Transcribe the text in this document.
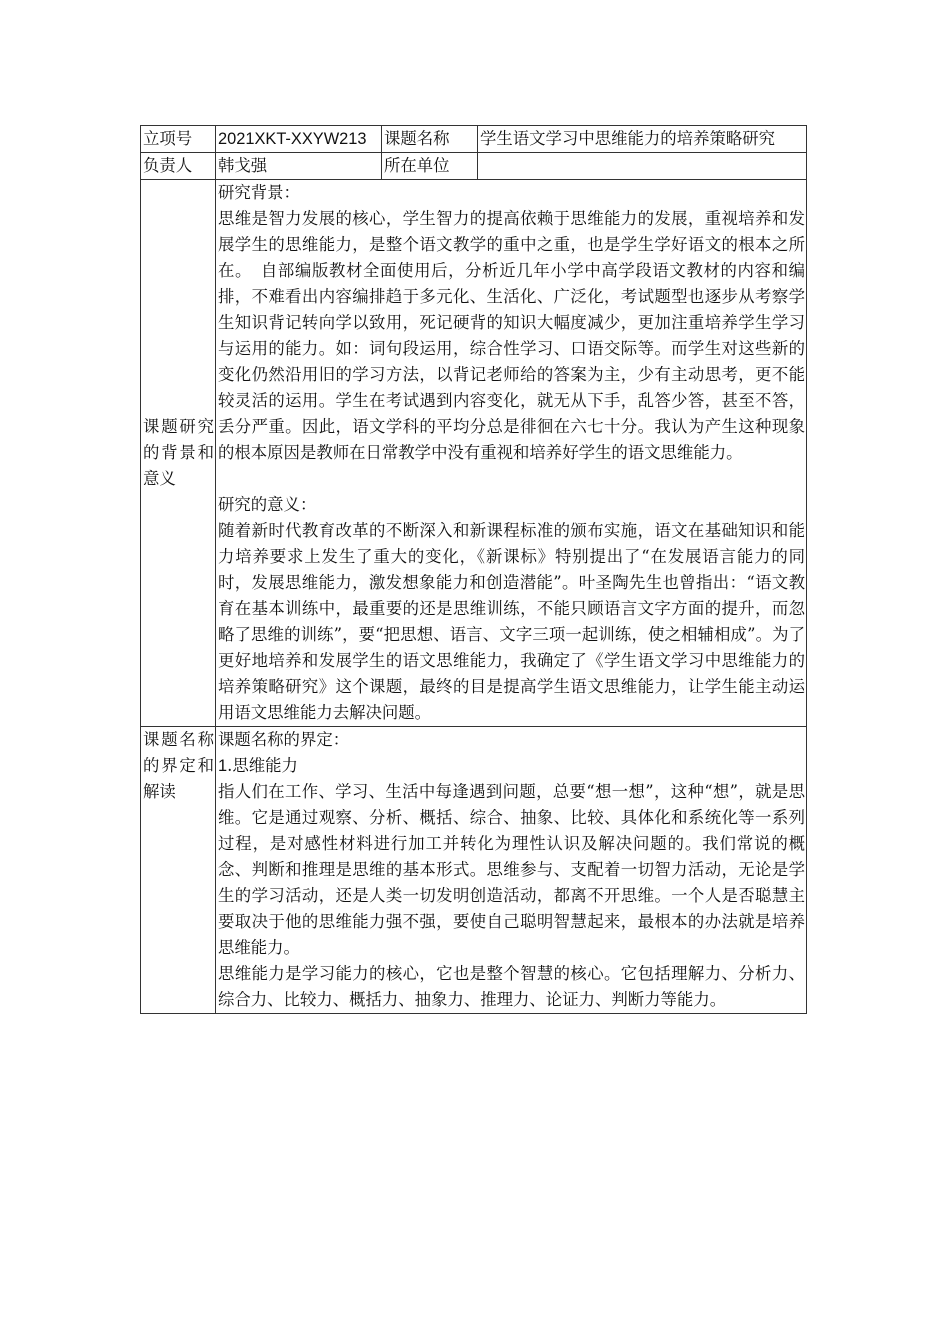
立项号	2021XKT-XXYW213	课题名称	学生语文学习中思维能力的培养策略研究
负责人	韩戈强	所在单位	
课题研究的背景和意义	研究背景：

思维是智力发展的核心，学生智力的提高依赖于思维能力的发展，重视培养和发展学生的思维能力，是整个语文教学的重中之重，也是学生学好语文的根本之所在。　自部编版教材全面使用后，分析近几年小学中高学段语文教材的内容和编排，不难看出内容编排趋于多元化、生活化、广泛化，考试题型也逐步从考察学生知识背记转向学以致用，死记硬背的知识大幅度减少，更加注重培养学生学习与运用的能力。如：词句段运用，综合性学习、口语交际等。而学生对这些新的变化仍然沿用旧的学习方法，以背记老师给的答案为主，少有主动思考，更不能较灵活的运用。学生在考试遇到内容变化，就无从下手，乱答少答，甚至不答，丢分严重。因此，语文学科的平均分总是徘徊在六七十分。我认为产生这种现象的根本原因是教师在日常教学中没有重视和培养好学生的语文思维能力。

研究的意义：

随着新时代教育改革的不断深入和新课程标准的颁布实施，语文在基础知识和能力培养要求上发生了重大的变化，《新课标》特别提出了“在发展语言能力的同时，发展思维能力，激发想象能力和创造潜能”。叶圣陶先生也曾指出：“语文教育在基本训练中，最重要的还是思维训练，不能只顾语言文字方面的提升，而忽略了思维的训练”，要“把思想、语言、文字三项一起训练，使之相辅相成”。为了更好地培养和发展学生的语文思维能力，我确定了《学生语文学习中思维能力的培养策略研究》这个课题，最终的目是提高学生语文思维能力，让学生能主动运用语文思维能力去解决问题。		

课题名称的界定和解读	课题名称的界定：

1.思维能力

指人们在工作、学习、生活中每逢遇到问题，总要“想一想”，这种“想”，就是思维。它是通过观察、分析、概括、综合、抽象、比较、具体化和系统化等一系列过程，是对感性材料进行加工并转化为理性认识及解决问题的。我们常说的概念、判断和推理是思维的基本形式。思维参与、支配着一切智力活动，无论是学生的学习活动，还是人类一切发明创造活动，都离不开思维。一个人是否聪慧主要取决于他的思维能力强不强，要使自己聪明智慧起来，最根本的办法就是培养思维能力。

思维能力是学习能力的核心，它也是整个智慧的核心。它包括理解力、分析力、综合力、比较力、概括力、抽象力、推理力、论证力、判断力等能力。		
